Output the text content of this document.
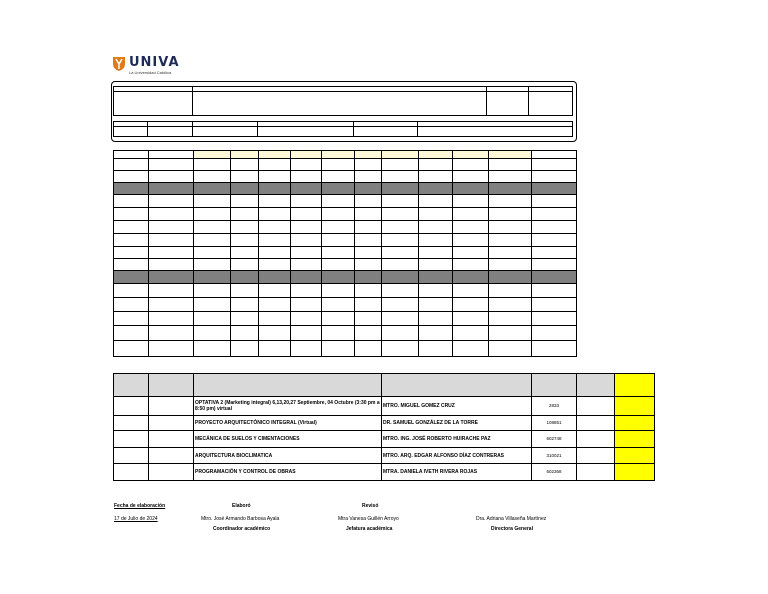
UNIVA
La Universidad Católica

		OPTATIVA 2 (Marketing integral) 6,13,20,27 Septiembre, 04 Octubre (3:30 pm a 8:50 pm) virtual	MTRO. MIGUEL GOMEZ CRUZ	2833		
		PROYECTO ARQUITECTÓNICO INTEGRAL (Virtual)	DR. SAMUEL GONZÁLEZ DE LA TORRE	108851		
		MECÁNICA DE SUELOS Y CIMENTACIONES	MTRO. ING. JOSÉ ROBERTO HUIRACHE PAZ	602748		
		ARQUITECTURA BIOCLIMATICA	MTRO. ARQ. EDGAR ALFONSO DÍAZ CONTRERAS	310021		
		PROGRAMACIÓN Y CONTROL DE OBRAS	MTRA. DANIELA IVETH RIVERA ROJAS	602368		
Fecha de elaboración
17 de Julio de 2024
Elaboró
Mtro. José Armando Barbosa Ayala
Coordinador académico
Revisó
Mtra Vanesa Guillén Arroyo
Jefatura académica
Dra. Adriana Villaseña Martínez
Directora General
